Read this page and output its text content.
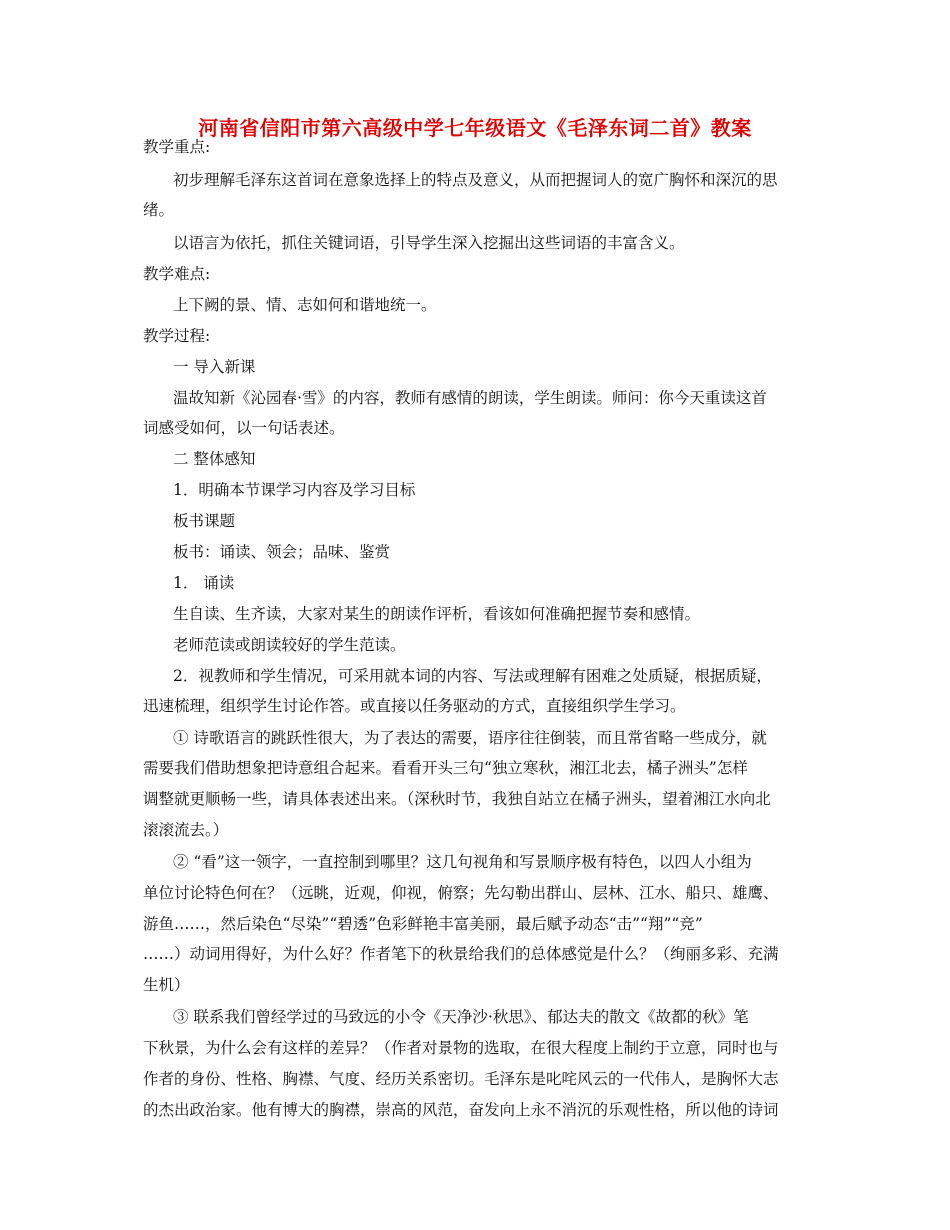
河南省信阳市第六高级中学七年级语文《毛泽东词二首》教案
教学重点:
初步理解毛泽东这首词在意象选择上的特点及意义，从而把握词人的宽广胸怀和深沉的思
绪。
以语言为依托，抓住关键词语，引导学生深入挖掘出这些词语的丰富含义。
教学难点:
上下阙的景、情、志如何和谐地统一。
教学过程:
一 导入新课
温故知新《沁园春·雪》的内容，教师有感情的朗读，学生朗读。师问：你今天重读这首
词感受如何，以一句话表述。
二 整体感知
1．明确本节课学习内容及学习目标
板书课题
板书：诵读、领会；品味、鉴赏
1． 诵读
生自读、生齐读，大家对某生的朗读作评析，看该如何准确把握节奏和感情。
老师范读或朗读较好的学生范读。
2．视教师和学生情况，可采用就本词的内容、写法或理解有困难之处质疑，根据质疑，
迅速梳理，组织学生讨论作答。或直接以任务驱动的方式，直接组织学生学习。
① 诗歌语言的跳跃性很大，为了表达的需要，语序往往倒装，而且常省略一些成分，就
需要我们借助想象把诗意组合起来。看看开头三句“独立寒秋，湘江北去，橘子洲头”怎样
调整就更顺畅一些，请具体表述出来。（深秋时节，我独自站立在橘子洲头，望着湘江水向北
滚滚流去。）
② “看”这一领字，一直控制到哪里？这几句视角和写景顺序极有特色，以四人小组为
单位讨论特色何在？（远眺，近观，仰视，俯察；先勾勒出群山、层林、江水、船只、雄鹰、
游鱼……，然后染色“尽染”“碧透”色彩鲜艳丰富美丽，最后赋予动态“击”“翔”“竞”
……）动词用得好，为什么好？作者笔下的秋景给我们的总体感觉是什么？（绚丽多彩、充满
生机）
③ 联系我们曾经学过的马致远的小令《天净沙·秋思》、郁达夫的散文《故都的秋》笔
下秋景，为什么会有这样的差异？（作者对景物的选取，在很大程度上制约于立意，同时也与
作者的身份、性格、胸襟、气度、经历关系密切。毛泽东是叱咤风云的一代伟人，是胸怀大志
的杰出政治家。他有博大的胸襟，崇高的风范，奋发向上永不消沉的乐观性格，所以他的诗词
